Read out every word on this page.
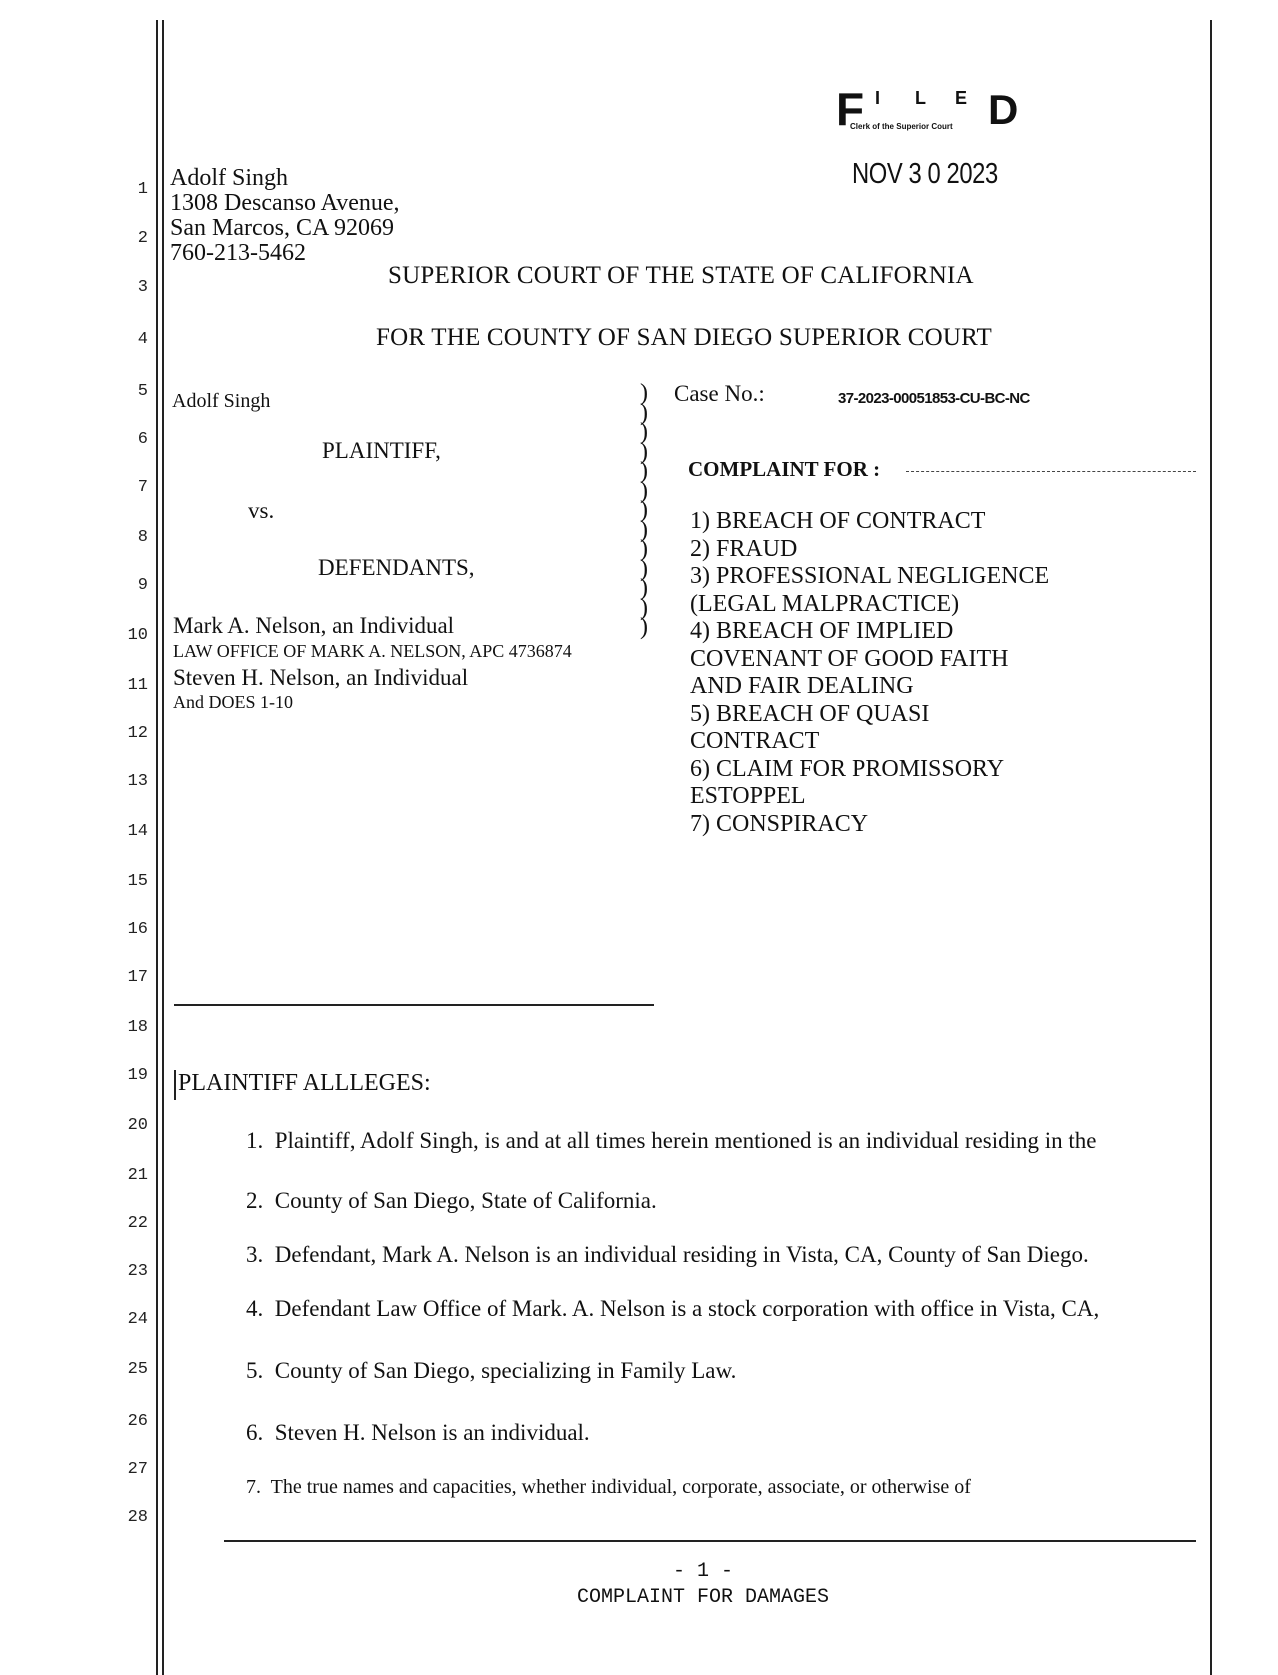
1
2
3
4
5
6
7
8
9
10
11
12
13
14
15
16
17
18
19
20
21
22
23
24
25
26
27
28
F I L E D
Clerk of the Superior Court
NOV 3 0 2023
Adolf Singh
1308 Descanso Avenue,
San Marcos, CA 92069
760-213-5462
SUPERIOR COURT OF THE STATE OF CALIFORNIA
FOR THE COUNTY OF SAN DIEGO SUPERIOR COURT
Adolf Singh
PLAINTIFF,
vs.
DEFENDANTS,
Mark A. Nelson, an Individual
LAW OFFICE OF MARK A. NELSON, APC 4736874
Steven H. Nelson, an Individual
And DOES 1-10
)
)
)
)
)
)
)
)
)
)
)
)
)
Case No.:	37-2023-00051853-CU-BC-NC
COMPLAINT FOR :
1) BREACH OF CONTRACT
2) FRAUD
3) PROFESSIONAL NEGLIGENCE
(LEGAL MALPRACTICE)
4) BREACH OF IMPLIED
COVENANT OF GOOD FAITH
AND FAIR DEALING
5) BREACH OF QUASI
CONTRACT
6) CLAIM FOR PROMISSORY
ESTOPPEL
7) CONSPIRACY
PLAINTIFF ALLLEGES:
1. Plaintiff, Adolf Singh, is and at all times herein mentioned is an individual residing in the
2. County of San Diego, State of California.
3. Defendant, Mark A. Nelson is an individual residing in Vista, CA, County of San Diego.
4. Defendant Law Office of Mark. A. Nelson is a stock corporation with office in Vista, CA,
5. County of San Diego, specializing in Family Law.
6. Steven H. Nelson is an individual.
7. The true names and capacities, whether individual, corporate, associate, or otherwise of
- 1 -
COMPLAINT FOR DAMAGES
